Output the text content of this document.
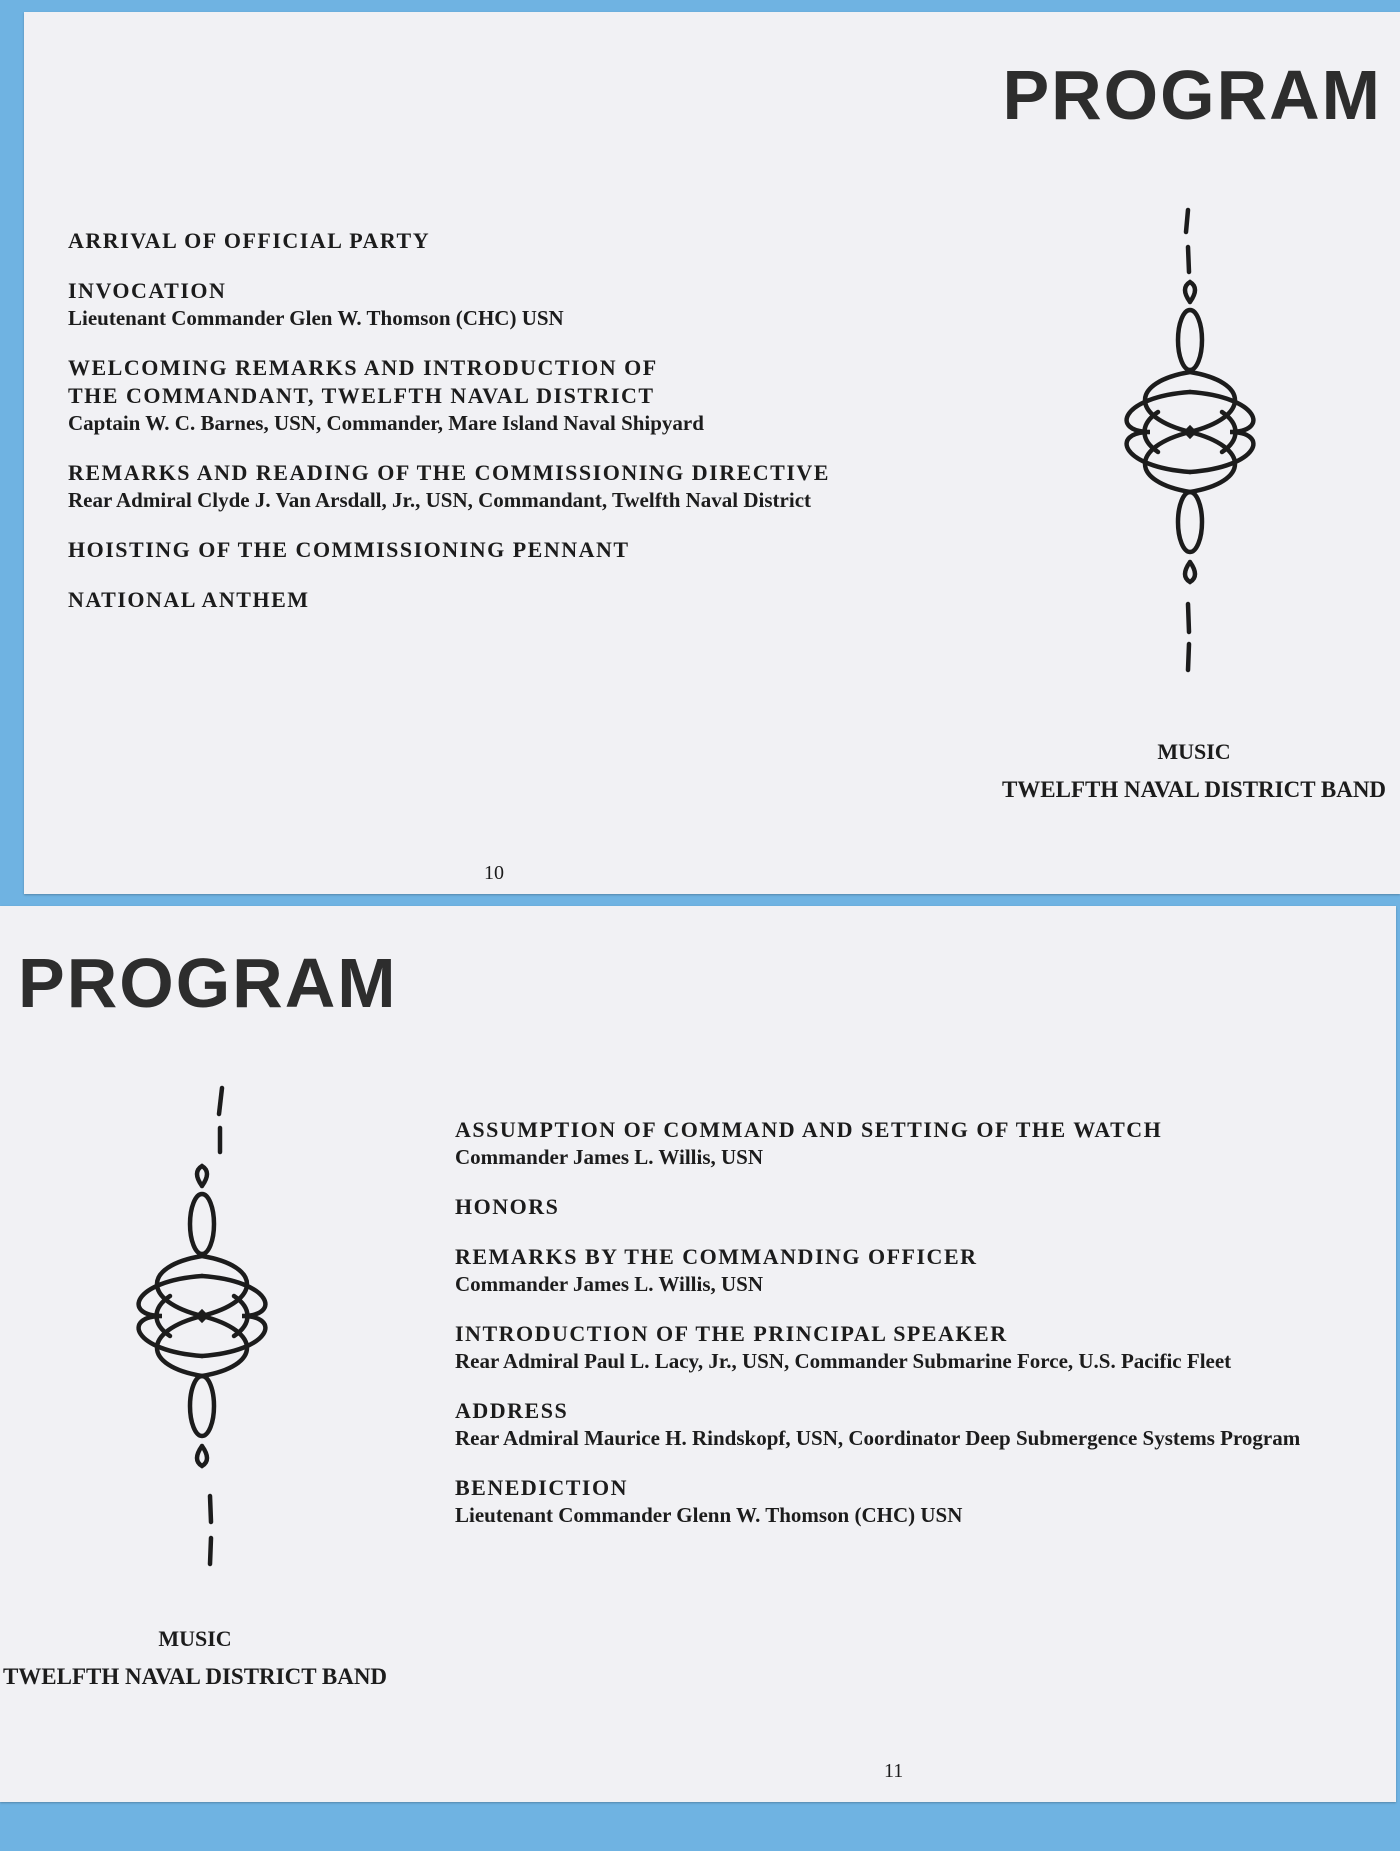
PROGRAM
ARRIVAL OF OFFICIAL PARTY
INVOCATION
Lieutenant Commander Glen W. Thomson (CHC) USN
WELCOMING REMARKS AND INTRODUCTION OF
THE COMMANDANT, TWELFTH NAVAL DISTRICT
Captain W. C. Barnes, USN, Commander, Mare Island Naval Shipyard
REMARKS AND READING OF THE COMMISSIONING DIRECTIVE
Rear Admiral Clyde J. Van Arsdall, Jr., USN, Commandant, Twelfth Naval District
HOISTING OF THE COMMISSIONING PENNANT
NATIONAL ANTHEM
MUSIC
TWELFTH NAVAL DISTRICT BAND
10
PROGRAM
ASSUMPTION OF COMMAND AND SETTING OF THE WATCH
Commander James L. Willis, USN
HONORS
REMARKS BY THE COMMANDING OFFICER
Commander James L. Willis, USN
INTRODUCTION OF THE PRINCIPAL SPEAKER
Rear Admiral Paul L. Lacy, Jr., USN, Commander Submarine Force, U.S. Pacific Fleet
ADDRESS
Rear Admiral Maurice H. Rindskopf, USN, Coordinator Deep Submergence Systems Program
BENEDICTION
Lieutenant Commander Glenn W. Thomson (CHC) USN
MUSIC
TWELFTH NAVAL DISTRICT BAND
11
